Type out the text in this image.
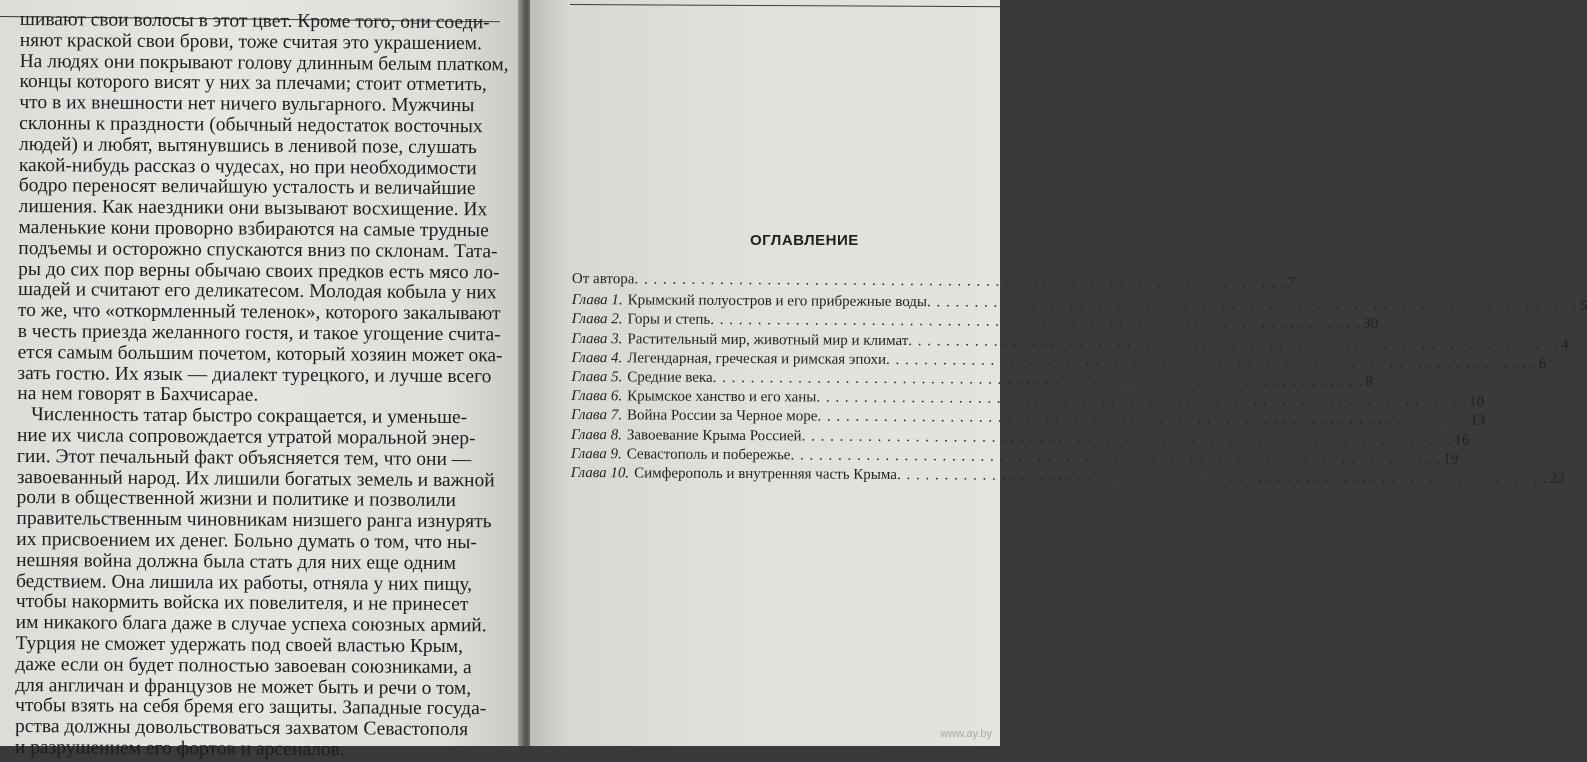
шивают свои волосы в этот цвет. Кроме того, они соеди-
няют краской свои брови, тоже считая это украшением.
На людях они покрывают голову длинным белым платком,
концы которого висят у них за плечами; стоит отметить,
что в их внешности нет ничего вульгарного. Мужчины
склонны к праздности (обычный недостаток восточных
людей) и любят, вытянувшись в ленивой позе, слушать
какой-нибудь рассказ о чудесах, но при необходимости
бодро переносят величайшую усталость и величайшие
лишения. Как наездники они вызывают восхищение. Их
маленькие кони проворно взбираются на самые трудные
подъемы и осторожно спускаются вниз по склонам. Тата-
ры до сих пор верны обычаю своих предков есть мясо ло-
шадей и считают его деликатесом. Молодая кобыла у них
то же, что «откормленный теленок», которого закалывают
в честь приезда желанного гостя, и такое угощение счита-
ется самым большим почетом, который хозяин может ока-
зать гостю. Их язык — диалект турецкого, и лучше всего
на нем говорят в Бахчисарае.
Численность татар быстро сокращается, и уменьше-
ние их числа сопровождается утратой моральной энер-
гии. Этот печальный факт объясняется тем, что они —
завоеванный народ. Их лишили богатых земель и важной
роли в общественной жизни и политике и позволили
правительственным чиновникам низшего ранга изнурять
их присвоением их денег. Больно думать о том, что ны-
нешняя война должна была стать для них еще одним
бедствием. Она лишила их работы, отняла у них пищу,
чтобы накормить войска их повелителя, и не принесет
им никакого блага даже в случае успеха союзных армий.
Турция не сможет удержать под своей властью Крым,
даже если он будет полностью завоеван союзниками, а
для англичан и французов не может быть и речи о том,
чтобы взять на себя бремя его защиты. Западные госуда-
рства должны довольствоваться захватом Севастополя
и разрушением его фортов и арсеналов.
ОГЛАВЛЕНИЕ
От автора . . .	7
Глава 1. Крымский полуостров и его прибрежные воды . . .	5
Глава 2. Горы и степь . . .	30
Глава 3. Растительный мир, животный мир и климат . . .	4
Глава 4. Легендарная, греческая и римская эпохи . . .	6
Глава 5. Средние века . . .	8
Глава 6. Крымское ханство и его ханы . . .	10
Глава 7. Война России за Черное море . . .	13
Глава 8. Завоевание Крыма Россией . . .	16
Глава 9. Севастополь и побережье . . .	19
Глава 10. Симферополь и внутренняя часть Крыма . . .	23
www.ay.by
